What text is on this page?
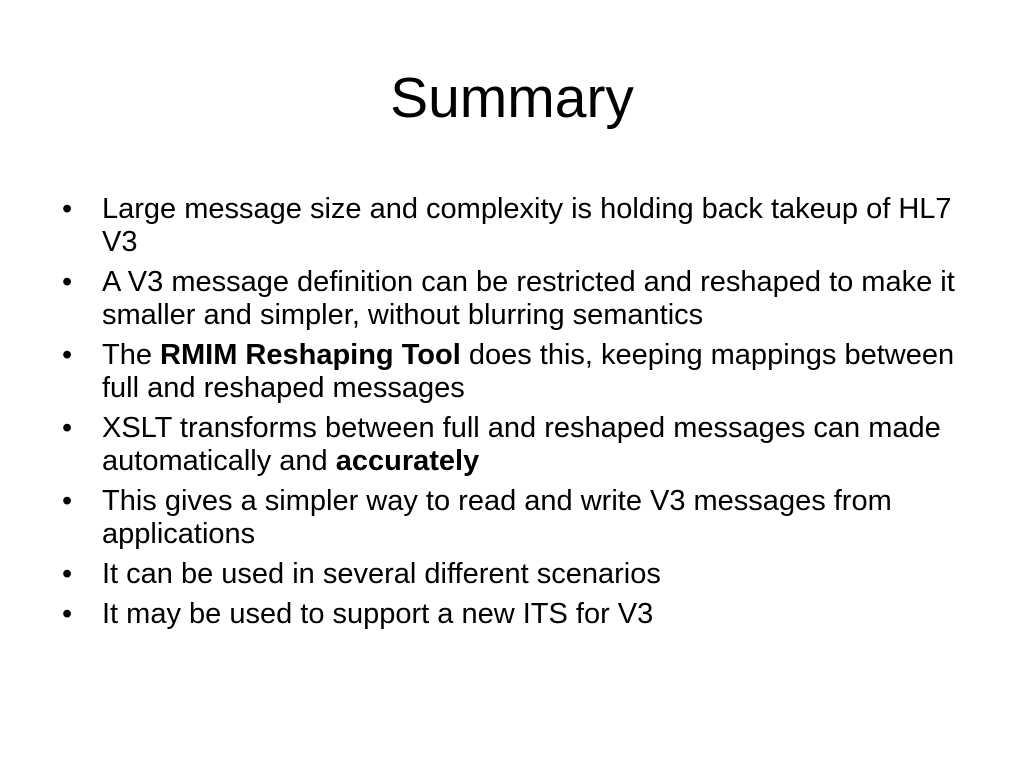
Summary
•	Large message size and complexity is holding back takeup of HL7 V3
•	A V3 message definition can be restricted and reshaped to make it smaller and simpler, without blurring semantics
•	The RMIM Reshaping Tool does this, keeping mappings between full and reshaped messages
•	XSLT transforms between full and reshaped messages can made automatically and accurately
•	This gives a simpler way to read and write V3 messages from applications
•	It can be used in several different scenarios
•	It may be used to support a new ITS for V3
